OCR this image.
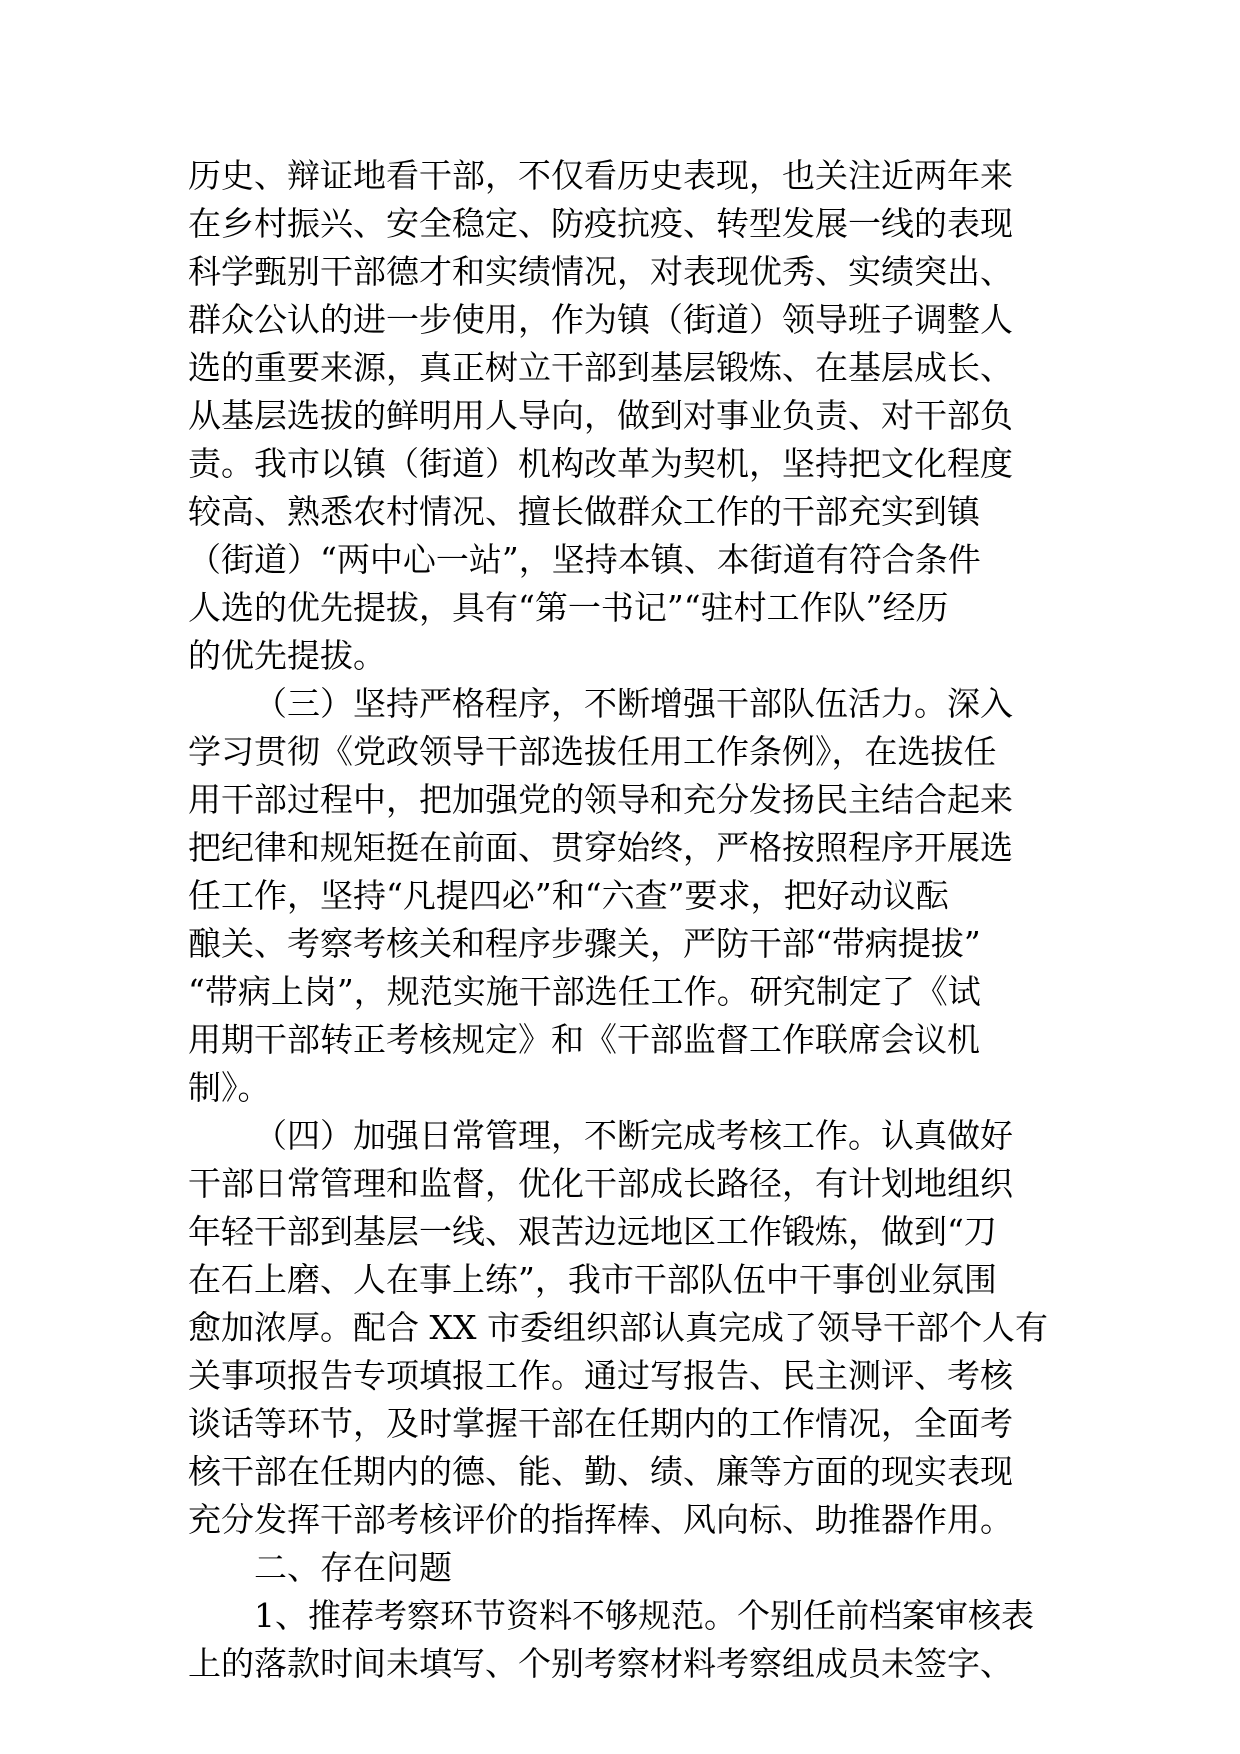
历史、辩证地看干部，不仅看历史表现，也关注近两年来
在乡村振兴、安全稳定、防疫抗疫、转型发展一线的表现
科学甄别干部德才和实绩情况，对表现优秀、实绩突出、
群众公认的进一步使用，作为镇（街道）领导班子调整人
选的重要来源，真正树立干部到基层锻炼、在基层成长、
从基层选拔的鲜明用人导向，做到对事业负责、对干部负
责。我市以镇（街道）机构改革为契机，坚持把文化程度
较高、熟悉农村情况、擅长做群众工作的干部充实到镇
（街道）“两中心一站”，坚持本镇、本街道有符合条件
人选的优先提拔，具有“第一书记”“驻村工作队”经历
的优先提拔。
（三）坚持严格程序，不断增强干部队伍活力。深入
学习贯彻《党政领导干部选拔任用工作条例》，在选拔任
用干部过程中，把加强党的领导和充分发扬民主结合起来
把纪律和规矩挺在前面、贯穿始终，严格按照程序开展选
任工作，坚持“凡提四必”和“六查”要求，把好动议酝
酿关、考察考核关和程序步骤关，严防干部“带病提拔”
“带病上岗”，规范实施干部选任工作。研究制定了《试
用期干部转正考核规定》和《干部监督工作联席会议机
制》。
（四）加强日常管理，不断完成考核工作。认真做好
干部日常管理和监督，优化干部成长路径，有计划地组织
年轻干部到基层一线、艰苦边远地区工作锻炼，做到“刀
在石上磨、人在事上练”，我市干部队伍中干事创业氛围
愈加浓厚。配合 XX 市委组织部认真完成了领导干部个人有
关事项报告专项填报工作。通过写报告、民主测评、考核
谈话等环节，及时掌握干部在任期内的工作情况，全面考
核干部在任期内的德、能、勤、绩、廉等方面的现实表现
充分发挥干部考核评价的指挥棒、风向标、助推器作用。
二、存在问题
1、推荐考察环节资料不够规范。个别任前档案审核表
上的落款时间未填写、个别考察材料考察组成员未签字、
